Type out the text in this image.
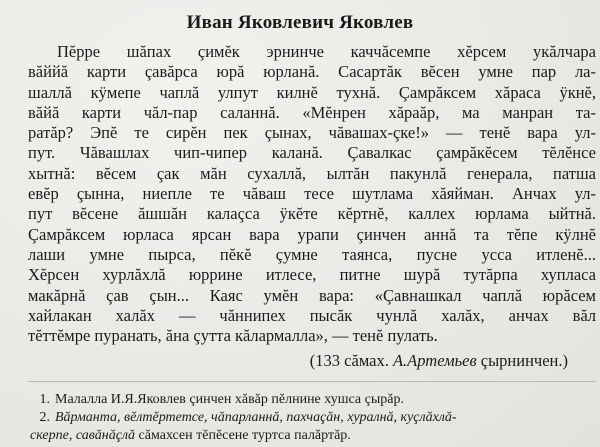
Иван Яковлевич Яковлев
Пĕрре шăпах çимĕк эрнинче каччăсемпе хĕрсем укăлчара
вăййă карти çавăрса юрă юрланă. Сасартăк вĕсен умне пар ла-
шаллă кÿмепе чаплă улпут килнĕ тухнă. Çамрăксем хăраса ÿкнĕ,
вăйă карти чăл-пар саланнă. «Мĕнрен хăраăр, ма манран та-
ратăр? Эпĕ те сирĕн пек çынах, чăвашах-çке!» — тенĕ вара ул-
пут. Чăвашлах чип-чипер каланă. Çавалкас çамрăкĕсем тĕлĕнсе
хытнă: вĕсем çак мăн сухаллă, ылтăн пакунлă генерала, патша
евĕр çынна, ниепле те чăваш тесе шутлама хăяйман. Анчах ул-
пут вĕсене ăшшăн калаçса ÿкĕте кĕртнĕ, каллех юрлама ыйтнă.
Çамрăксем юрласа ярсан вара урапи çинчен аннă та тĕпе кÿлнĕ
лаши умне пырса, пĕкĕ çумне таянса, пусне усса итленĕ...
Хĕрсен хурлăхлă юррине итлесе, питне шурă тутăрпа хупласа
макăрнă çав çын... Каяс умĕн вара: «Çавнашкал чаплă юрăсем
хайлакан халăх — чăннипех пысăк чунлă халăх, анчах вăл
тĕттĕмре пуранать, ăна çутта кăлармалла», — тенĕ пулать.
(133 сăмах. А.Артемьев çырнинчен.)
1. Малалла И.Я.Яковлев çинчен хăвăр пĕлнине хушса çырăр.
2. Вăрманта, вĕлтĕртетсе, чăпарланнă, пахчаçăн, хуралнă, куçлăхлă-
скерпе, савăнăçлă сăмахсен тĕпĕсене туртса палăртăр.
